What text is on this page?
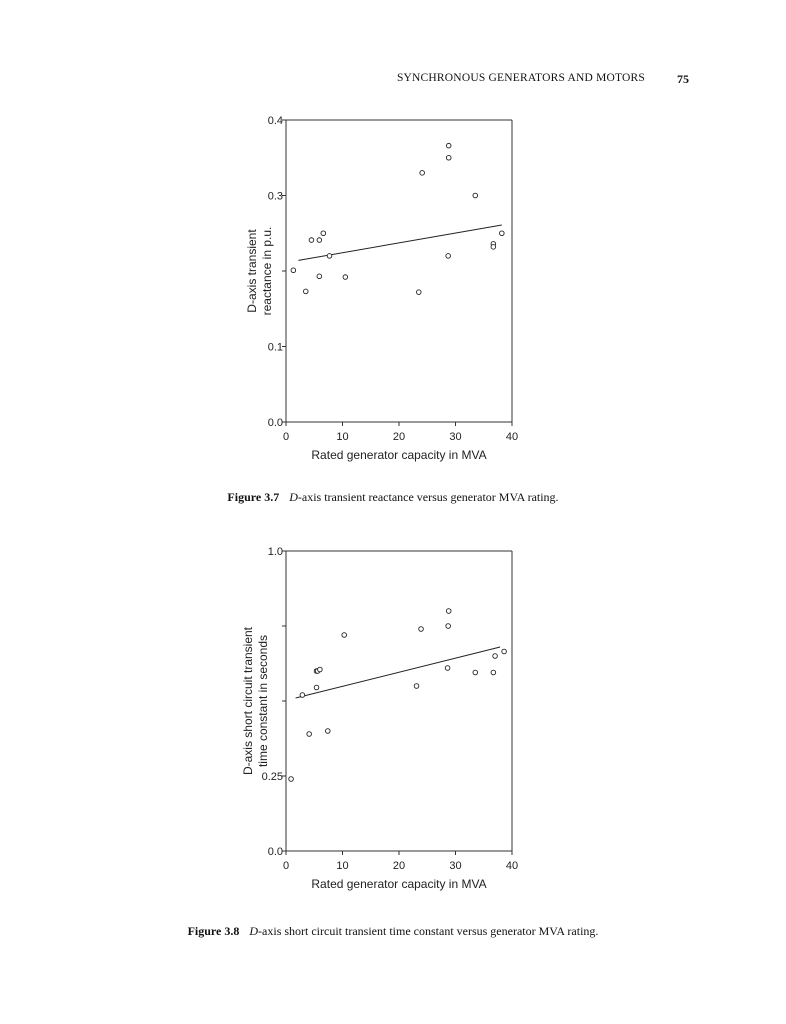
SYNCHRONOUS GENERATORS AND MOTORS	75
0.0
0.1
0.3
0.4
0	10	20	30	40
Rated generator capacity in MVA
D-axis transient reactance in p.u.
Figure 3.7 D-axis transient reactance versus generator MVA rating.
0.0
0.25
1.0
0	10	20	30	40
Rated generator capacity in MVA
D-axis short circuit transient time constant in seconds
Figure 3.8 D-axis short circuit transient time constant versus generator MVA rating.
